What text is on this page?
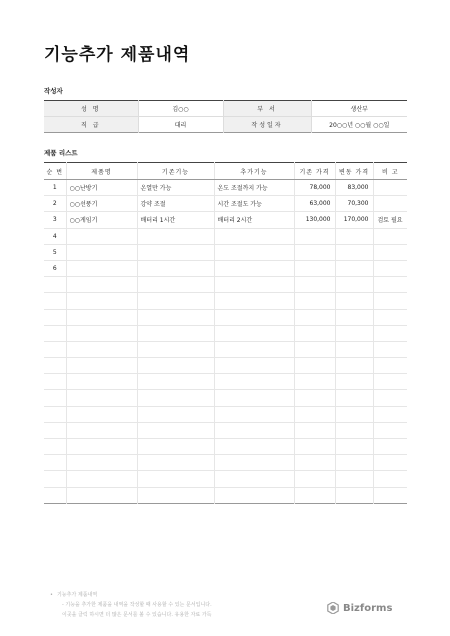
기능추가 제품내역
작성자
성 명	김○○	부 서	생산부
직 급	대리	작성일자	20○○년 ○○월 ○○일
제품 리스트
순 번	제품명	기존기능	추가기능	기존 가격	변동 가격	비 고
1	○○난방기	온열만 가능	온도 조절까지 가능	78,000	83,000	
2	○○선풍기	강약 조절	시간 조절도 가능	63,000	70,300	
3	○○게임기	배터리 1시간	배터리 2시간	130,000	170,000	검토 필요
4						
5						
6						

• 기능추가 제품내역
- 기능을 추가한 제품을 내역을 작성할 때 사용할 수 있는 문서입니다.
이곳을 클릭 하시면 더 많은 문서를 볼 수 있습니다. 유용한 자료 가득
Bizforms
